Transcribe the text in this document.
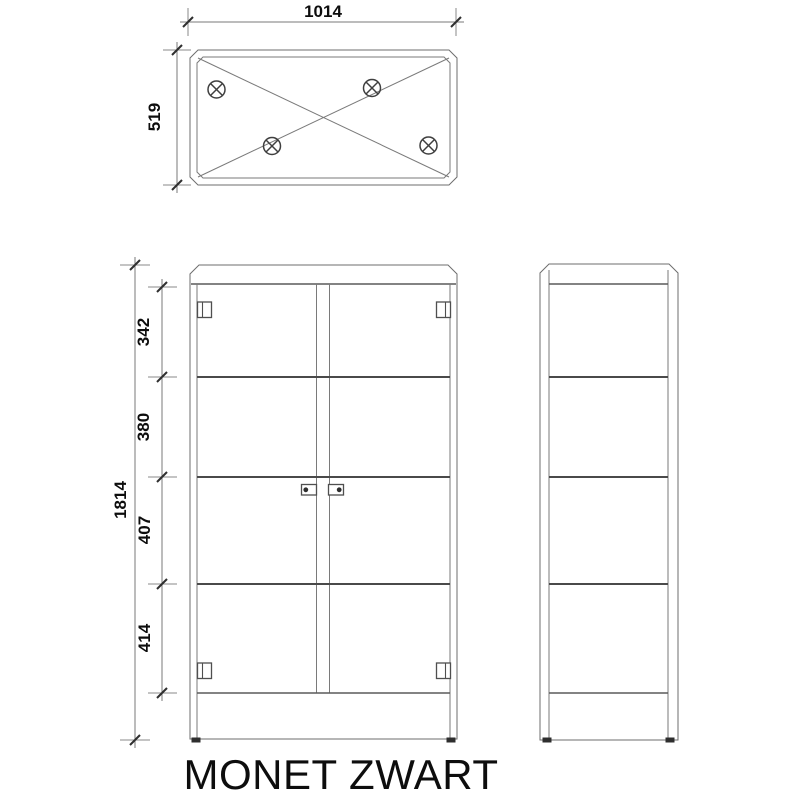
1014
519
1814
342
380
407
414
MONET ZWART
